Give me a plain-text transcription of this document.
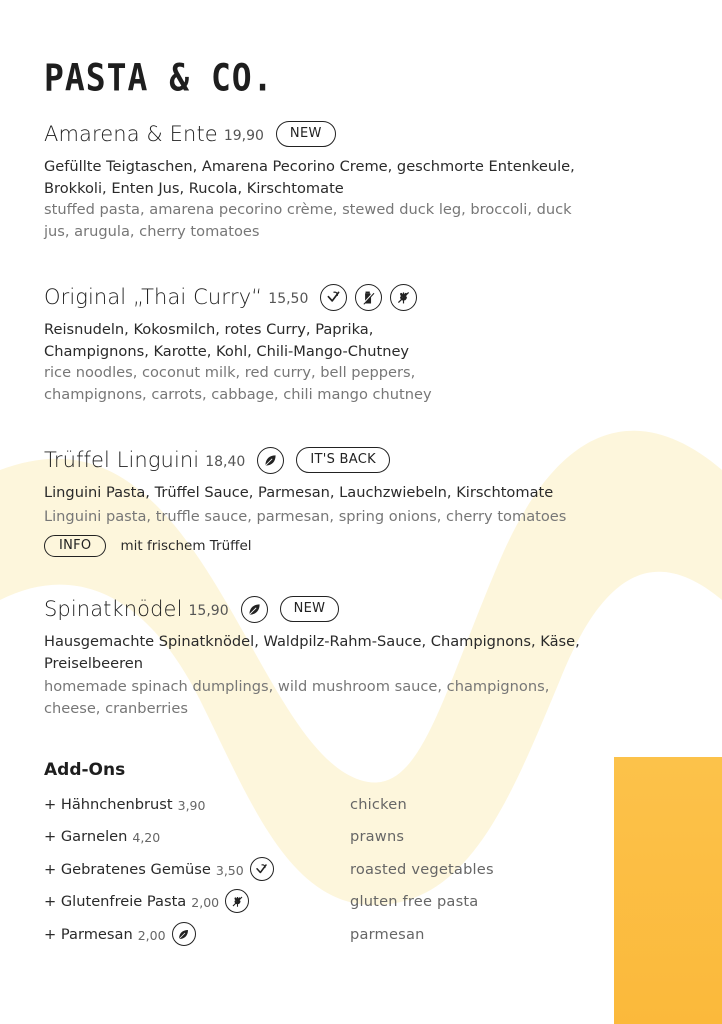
PASTA & CO.
Amarena & Ente 19,90	NEW
Gefüllte Teigtaschen, Amarena Pecorino Creme, geschmorte Entenkeule, Brokkoli, Enten Jus, Rucola, Kirschtomate
stuffed pasta, amarena pecorino crème, stewed duck leg, broccoli, duck jus, arugula, cherry tomatoes
Original „Thai Curry“ 15,50
Reisnudeln, Kokosmilch, rotes Curry, Paprika, Champignons, Karotte, Kohl, Chili-Mango-Chutney
rice noodles, coconut milk, red curry, bell peppers, champignons, carrots, cabbage, chili mango chutney
Trüffel Linguini 18,40	IT'S BACK
Linguini Pasta, Trüffel Sauce, Parmesan, Lauchzwiebeln, Kirschtomate
Linguini pasta, truffle sauce, parmesan, spring onions, cherry tomatoes
INFO	mit frischem Trüffel
Spinatknödel 15,90	NEW
Hausgemachte Spinatknödel, Waldpilz-Rahm-Sauce, Champignons, Käse, Preiselbeeren
homemade spinach dumplings, wild mushroom sauce, champignons, cheese, cranberries
Add-Ons
+ Hähnchenbrust 3,90	chicken
+ Garnelen 4,20	prawns
+ Gebratenes Gemüse 3,50	roasted vegetables
+ Glutenfreie Pasta 2,00	gluten free pasta
+ Parmesan 2,00	parmesan
